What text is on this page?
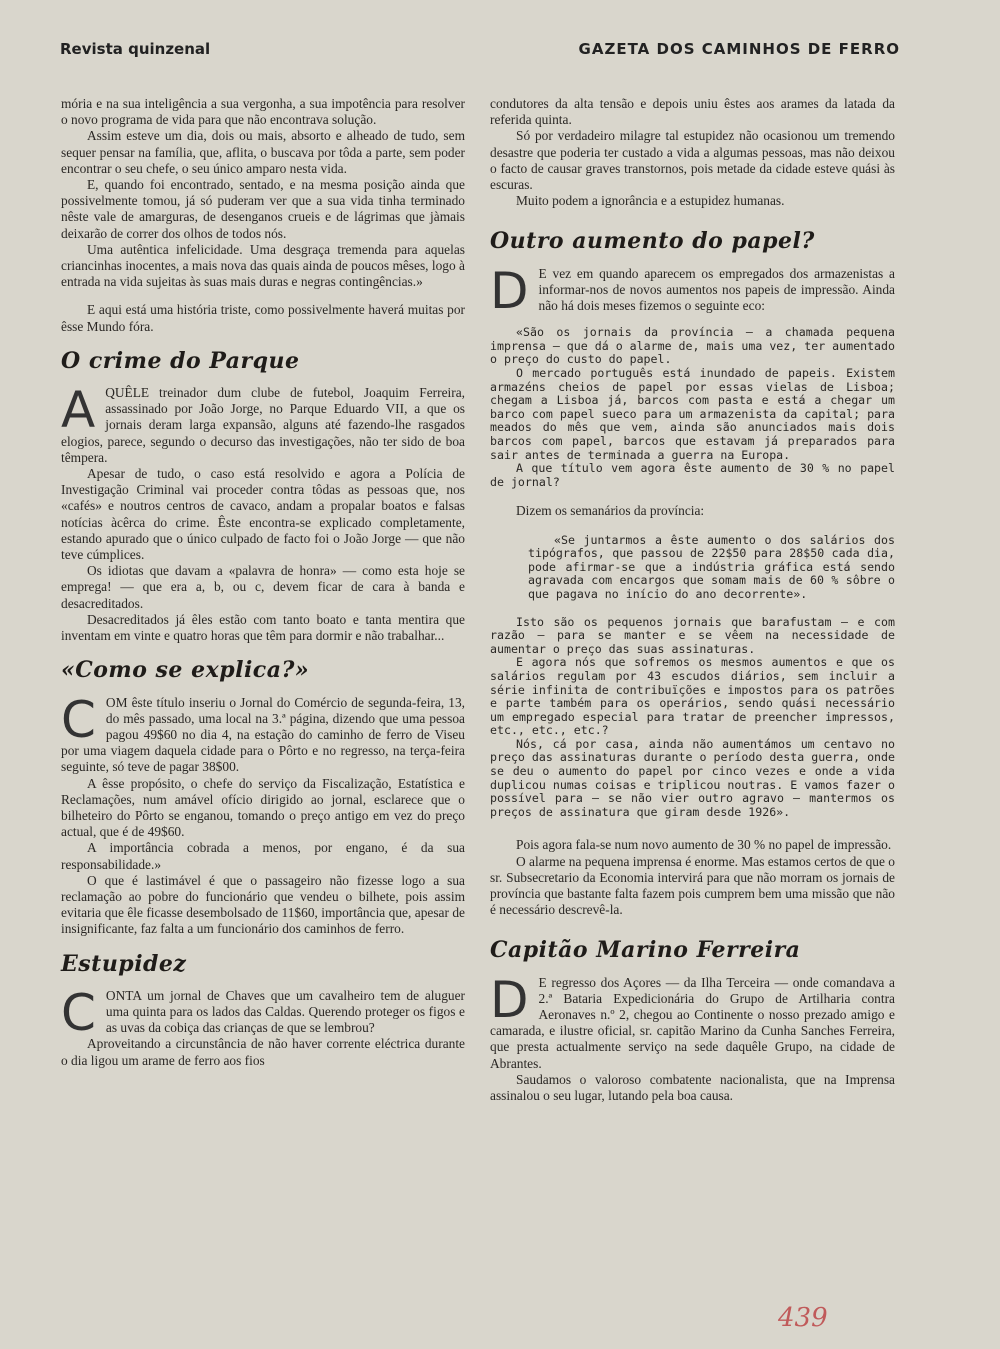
Revista quinzenal	GAZETA DOS CAMINHOS DE FERRO

mória e na sua inteligência a sua vergonha, a sua impotência para resolver o novo programa de vida para que não encontrava solução.

Assim esteve um dia, dois ou mais, absorto e alheado de tudo, sem sequer pensar na família, que, aflita, o buscava por tôda a parte, sem poder encontrar o seu chefe, o seu único amparo nesta vida.

E, quando foi encontrado, sentado, e na mesma posição ainda que possivelmente tomou, já só puderam ver que a sua vida tinha terminado nêste vale de amarguras, de desenganos crueis e de lágrimas que jàmais deixarão de correr dos olhos de todos nós.

Uma autêntica infelicidade. Uma desgraça tremenda para aquelas criancinhas inocentes, a mais nova das quais ainda de poucos mêses, logo à entrada na vida sujeitas às suas mais duras e negras contingências.»

E aqui está uma história triste, como possivelmente haverá muitas por êsse Mundo fóra.

O crime do Parque

AQUÊLE treinador dum clube de futebol, Joaquim Ferreira, assassinado por João Jorge, no Parque Eduardo VII, a que os jornais deram larga expansão, alguns até fazendo-lhe rasgados elogios, parece, segundo o decurso das investigações, não ter sido de boa têmpera.

Apesar de tudo, o caso está resolvido e agora a Polícia de Investigação Criminal vai proceder contra tôdas as pessoas que, nos «cafés» e noutros centros de cavaco, andam a propalar boatos e falsas notícias àcêrca do crime. Êste encontra-se explicado completamente, estando apurado que o único culpado de facto foi o João Jorge — que não teve cúmplices.

Os idiotas que davam a «palavra de honra» — como esta hoje se emprega! — que era a, b, ou c, devem ficar de cara à banda e desacreditados.

Desacreditados já êles estão com tanto boato e tanta mentira que inventam em vinte e quatro horas que têm para dormir e não trabalhar...

«Como se explica?»

COM êste título inseriu o Jornal do Comércio de segunda-feira, 13, do mês passado, uma local na 3.ª página, dizendo que uma pessoa pagou 49$60 no dia 4, na estação do caminho de ferro de Viseu por uma viagem daquela cidade para o Pôrto e no regresso, na terça-feira seguinte, só teve de pagar 38$00.

A êsse propósito, o chefe do serviço da Fiscalização, Estatística e Reclamações, num amável ofício dirigido ao jornal, esclarece que o bilheteiro do Pôrto se enganou, tomando o preço antigo em vez do preço actual, que é de 49$60.

A importância cobrada a menos, por engano, é da sua responsabilidade.»

O que é lastimável é que o passageiro não fizesse logo a sua reclamação ao pobre do funcionário que vendeu o bilhete, pois assim evitaria que êle ficasse desembolsado de 11$60, importância que, apesar de insignificante, faz falta a um funcionário dos caminhos de ferro.

Estupidez

CONTA um jornal de Chaves que um cavalheiro tem de aluguer uma quinta para os lados das Caldas. Querendo proteger os figos e as uvas da cobiça das crianças de que se lembrou?

Aproveitando a circunstância de não haver corrente eléctrica durante o dia ligou um arame de ferro aos fios

condutores da alta tensão e depois uniu êstes aos arames da latada da referida quinta.

Só por verdadeiro milagre tal estupidez não ocasionou um tremendo desastre que poderia ter custado a vida a algumas pessoas, mas não deixou o facto de causar graves transtornos, pois metade da cidade esteve quási às escuras.

Muito podem a ignorância e a estupidez humanas.

Outro aumento do papel?

D E vez em quando aparecem os empregados dos armazenistas a informar-nos de novos aumentos nos papeis de impressão. Ainda não há dois meses fizemos o seguinte eco:

«São os jornais da província — a chamada pequena imprensa — que dá o alarme de, mais uma vez, ter aumentado o preço do custo do papel.

O mercado português está inundado de papeis. Existem armazéns cheios de papel por essas vielas de Lisboa; chegam a Lisboa já, barcos com pasta e está a chegar um barco com papel sueco para um armazenista da capital; para meados do mês que vem, ainda são anunciados mais dois barcos com papel, barcos que estavam já preparados para sair antes de terminada a guerra na Europa.

A que título vem agora êste aumento de 30 % no papel de jornal?

Dizem os semanários da província:

«Se juntarmos a êste aumento o dos salários dos tipógrafos, que passou de 22$50 para 28$50 cada dia, pode afirmar-se que a indústria gráfica está sendo agravada com encargos que somam mais de 60 % sôbre o que pagava no início do ano decorrente».

Isto são os pequenos jornais que barafustam — e com razão — para se manter e se vêem na necessidade de aumentar o preço das suas assinaturas.

E agora nós que sofremos os mesmos aumentos e que os salários regulam por 43 escudos diários, sem incluir a série infinita de contribuïções e impostos para os patrões e parte também para os operários, sendo quási necessário um empregado especial para tratar de preencher impressos, etc., etc., etc.?

Nós, cá por casa, ainda não aumentámos um centavo no preço das assinaturas durante o período desta guerra, onde se deu o aumento do papel por cinco vezes e onde a vida duplicou numas coisas e triplicou noutras. E vamos fazer o possível para — se não vier outro agravo — mantermos os preços de assinatura que giram desde 1926».

Pois agora fala-se num novo aumento de 30 % no papel de impressão.

O alarme na pequena imprensa é enorme. Mas estamos certos de que o sr. Subsecretario da Economia intervirá para que não morram os jornais de província que bastante falta fazem pois cumprem bem uma missão que não é necessário descrevê-la.

Capitão Marino Ferreira

D E regresso dos Açores — da Ilha Terceira — onde comandava a 2.ª Bataria Expedicionária do Grupo de Artilharia contra Aeronaves n.º 2, chegou ao Continente o nosso prezado amigo e camarada, e ilustre oficial, sr. capitão Marino da Cunha Sanches Ferreira, que presta actualmente serviço na sede daquêle Grupo, na cidade de Abrantes.

Saudamos o valoroso combatente nacionalista, que na Imprensa assinalou o seu lugar, lutando pela boa causa.

439
